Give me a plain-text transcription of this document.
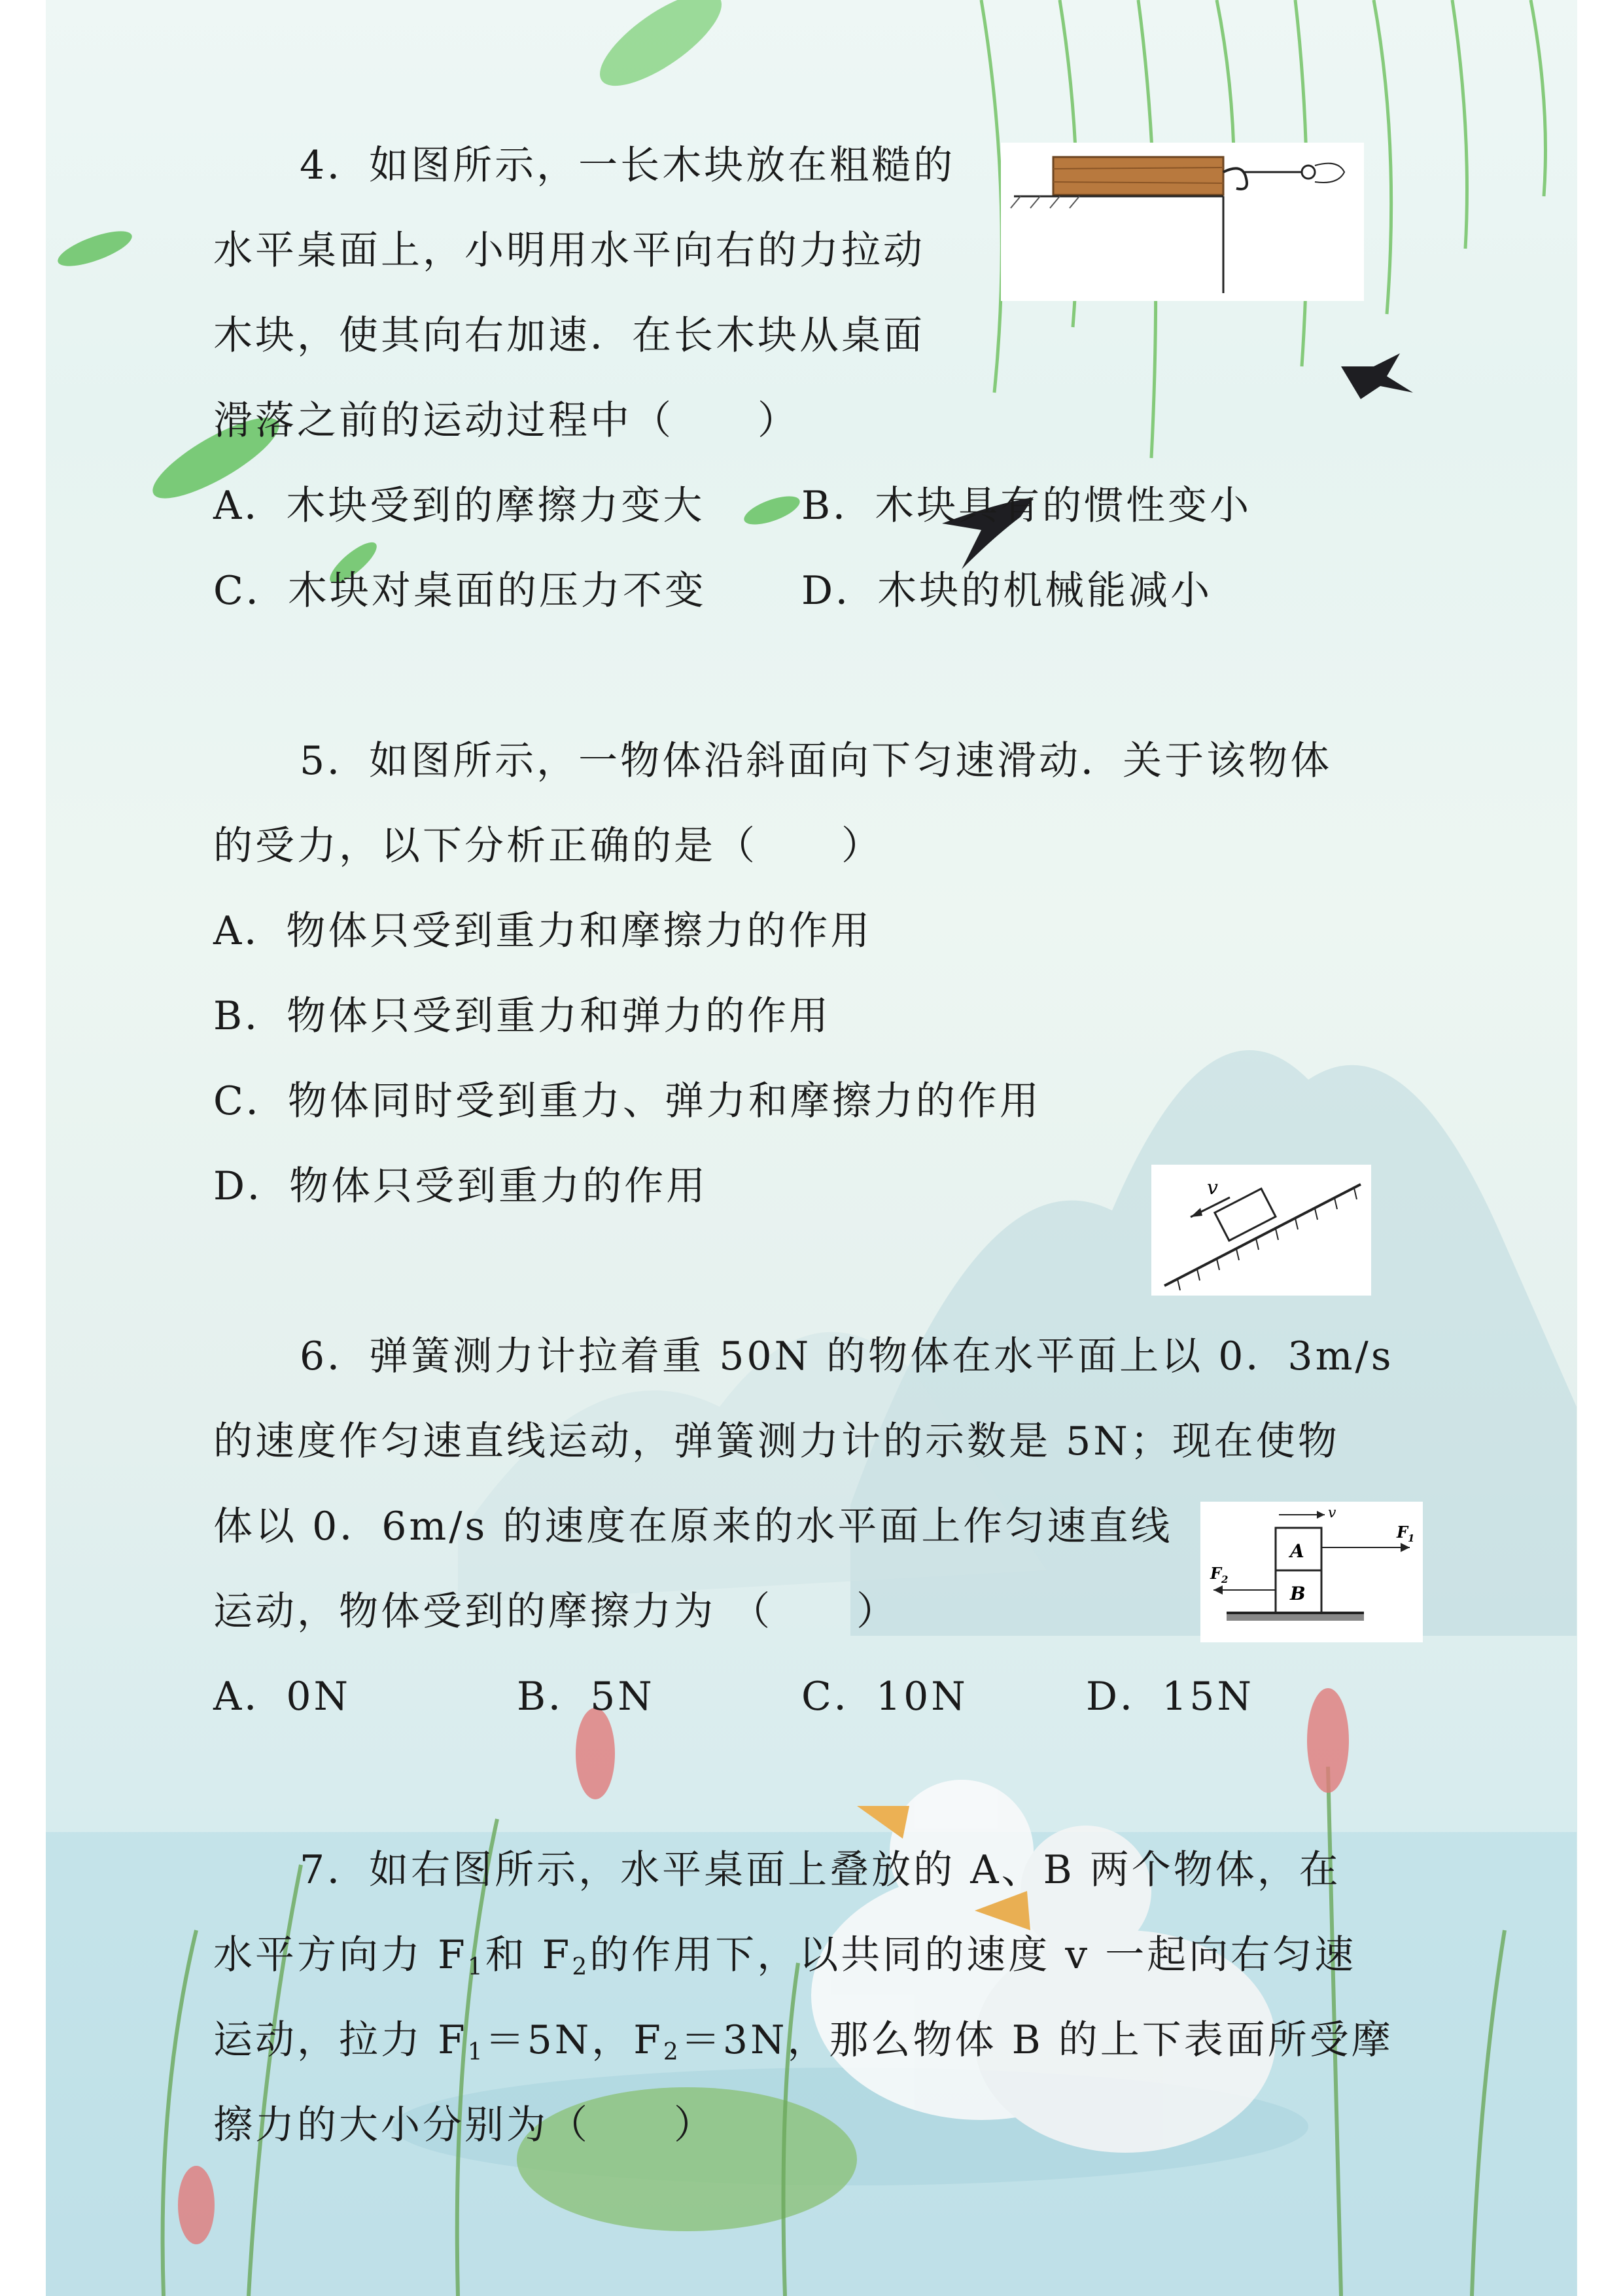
4．如图所示，一长木块放在粗糙的
水平桌面上，小明用水平向右的力拉动
木块，使其向右加速．在长木块从桌面
滑落之前的运动过程中（　　）
A．木块受到的摩擦力变大 B．木块具有的惯性变小
C．木块对桌面的压力不变 D．木块的机械能减小
5．如图所示，一物体沿斜面向下匀速滑动．关于该物体
的受力，以下分析正确的是（　　）
A．物体只受到重力和摩擦力的作用
B．物体只受到重力和弹力的作用
C．物体同时受到重力、弹力和摩擦力的作用
D．物体只受到重力的作用	v
6．弹簧测力计拉着重 50N 的物体在水平面上以 0．3m/s
的速度作匀速直线运动，弹簧测力计的示数是 5N；现在使物
体以 0．6m/s 的速度在原来的水平面上作匀速直线
运动，物体受到的摩擦力为 （　　）
A．0N	B．5N	C．10N	D．15N
v
A
B
$F_1$
$F_2$
7．如右图所示，水平桌面上叠放的 A、B 两个物体，在
水平方向力 $F_1$和 $F_2$的作用下，以共同的速度 v 一起向右匀速
运动，拉力 $F_1=5N$，$F_2=3N$，那么物体 B 的上下表面所受摩
擦力的大小分别为（　　）
